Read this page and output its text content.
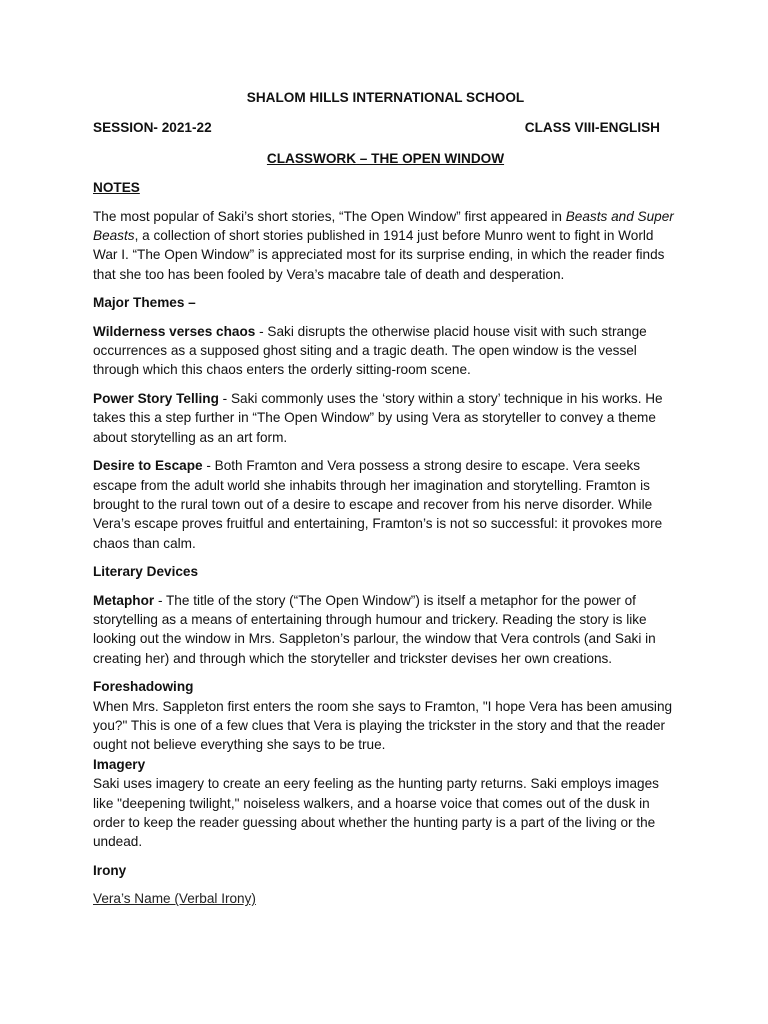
SHALOM HILLS INTERNATIONAL SCHOOL

SESSION- 2021-22	CLASS VIII-ENGLISH

CLASSWORK – THE OPEN WINDOW

NOTES

The most popular of Saki’s short stories, “The Open Window” first appeared in Beasts and Super Beasts, a collection of short stories published in 1914 just before Munro went to fight in World War I. “The Open Window” is appreciated most for its surprise ending, in which the reader finds that she too has been fooled by Vera’s macabre tale of death and desperation.

Major Themes –

Wilderness verses chaos - Saki disrupts the otherwise placid house visit with such strange occurrences as a supposed ghost siting and a tragic death. The open window is the vessel through which this chaos enters the orderly sitting-room scene.

Power Story Telling - Saki commonly uses the ‘story within a story’ technique in his works. He takes this a step further in “The Open Window” by using Vera as storyteller to convey a theme about storytelling as an art form.

Desire to Escape - Both Framton and Vera possess a strong desire to escape. Vera seeks escape from the adult world she inhabits through her imagination and storytelling. Framton is brought to the rural town out of a desire to escape and recover from his nerve disorder. While Vera’s escape proves fruitful and entertaining, Framton’s is not so successful: it provokes more chaos than calm.

Literary Devices

Metaphor - The title of the story (“The Open Window”) is itself a metaphor for the power of storytelling as a means of entertaining through humour and trickery. Reading the story is like looking out the window in Mrs. Sappleton’s parlour, the window that Vera controls (and Saki in creating her) and through which the storyteller and trickster devises her own creations.

Foreshadowing

When Mrs. Sappleton first enters the room she says to Framton, "I hope Vera has been amusing you?" This is one of a few clues that Vera is playing the trickster in the story and that the reader ought not believe everything she says to be true.

Imagery

Saki uses imagery to create an eery feeling as the hunting party returns. Saki employs images like "deepening twilight," noiseless walkers, and a hoarse voice that comes out of the dusk in order to keep the reader guessing about whether the hunting party is a part of the living or the undead.

Irony

Vera’s Name (Verbal Irony)
